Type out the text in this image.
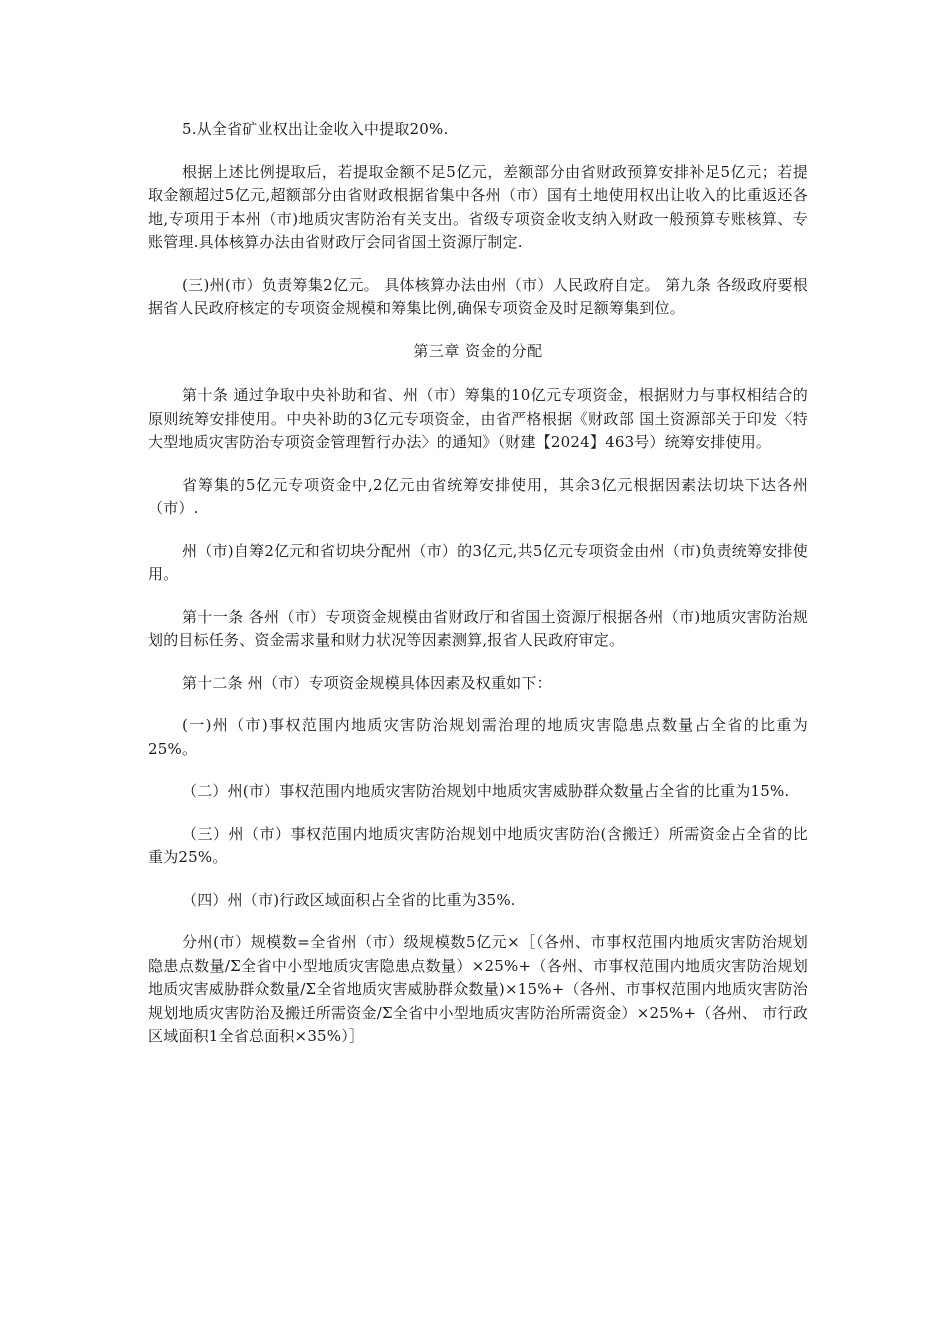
5.从全省矿业权出让金收入中提取20%.

根据上述比例提取后，若提取金额不足5亿元，差额部分由省财政预算安排补足5亿元；若提取金额超过5亿元,超额部分由省财政根据省集中各州（市）国有土地使用权出让收入的比重返还各地,专项用于本州（市)地质灾害防治有关支出。省级专项资金收支纳入财政一般预算专账核算、专账管理.具体核算办法由省财政厅会同省国土资源厅制定.

(三)州(市）负责筹集2亿元。 具体核算办法由州（市）人民政府自定。 第九条 各级政府要根据省人民政府核定的专项资金规模和筹集比例,确保专项资金及时足额筹集到位。

第三章 资金的分配

第十条 通过争取中央补助和省、州（市）筹集的10亿元专项资金，根据财力与事权相结合的原则统筹安排使用。中央补助的3亿元专项资金，由省严格根据《财政部 国土资源部关于印发〈特大型地质灾害防治专项资金管理暂行办法〉的通知》（财建【2024】463号）统筹安排使用。

省筹集的5亿元专项资金中,2亿元由省统筹安排使用，其余3亿元根据因素法切块下达各州（市）.

州（市)自筹2亿元和省切块分配州（市）的3亿元,共5亿元专项资金由州（市)负责统筹安排使用。

第十一条 各州（市）专项资金规模由省财政厅和省国土资源厅根据各州（市)地质灾害防治规划的目标任务、资金需求量和财力状况等因素测算,报省人民政府审定。

第十二条 州（市）专项资金规模具体因素及权重如下：

(一)州（市)事权范围内地质灾害防治规划需治理的地质灾害隐患点数量占全省的比重为25%。

（二）州(市）事权范围内地质灾害防治规划中地质灾害威胁群众数量占全省的比重为15%.

（三）州（市）事权范围内地质灾害防治规划中地质灾害防治(含搬迁）所需资金占全省的比重为25%。

（四）州（市)行政区域面积占全省的比重为35%.

分州(市）规模数=全省州（市）级规模数5亿元×［（各州、市事权范围内地质灾害防治规划隐患点数量/Σ全省中小型地质灾害隐患点数量）×25%+（各州、市事权范围内地质灾害防治规划地质灾害威胁群众数量/Σ全省地质灾害威胁群众数量)×15%+（各州、市事权范围内地质灾害防治规划地质灾害防治及搬迁所需资金/Σ全省中小型地质灾害防治所需资金）×25%+（各州、 市行政区域面积1全省总面积×35%）］
